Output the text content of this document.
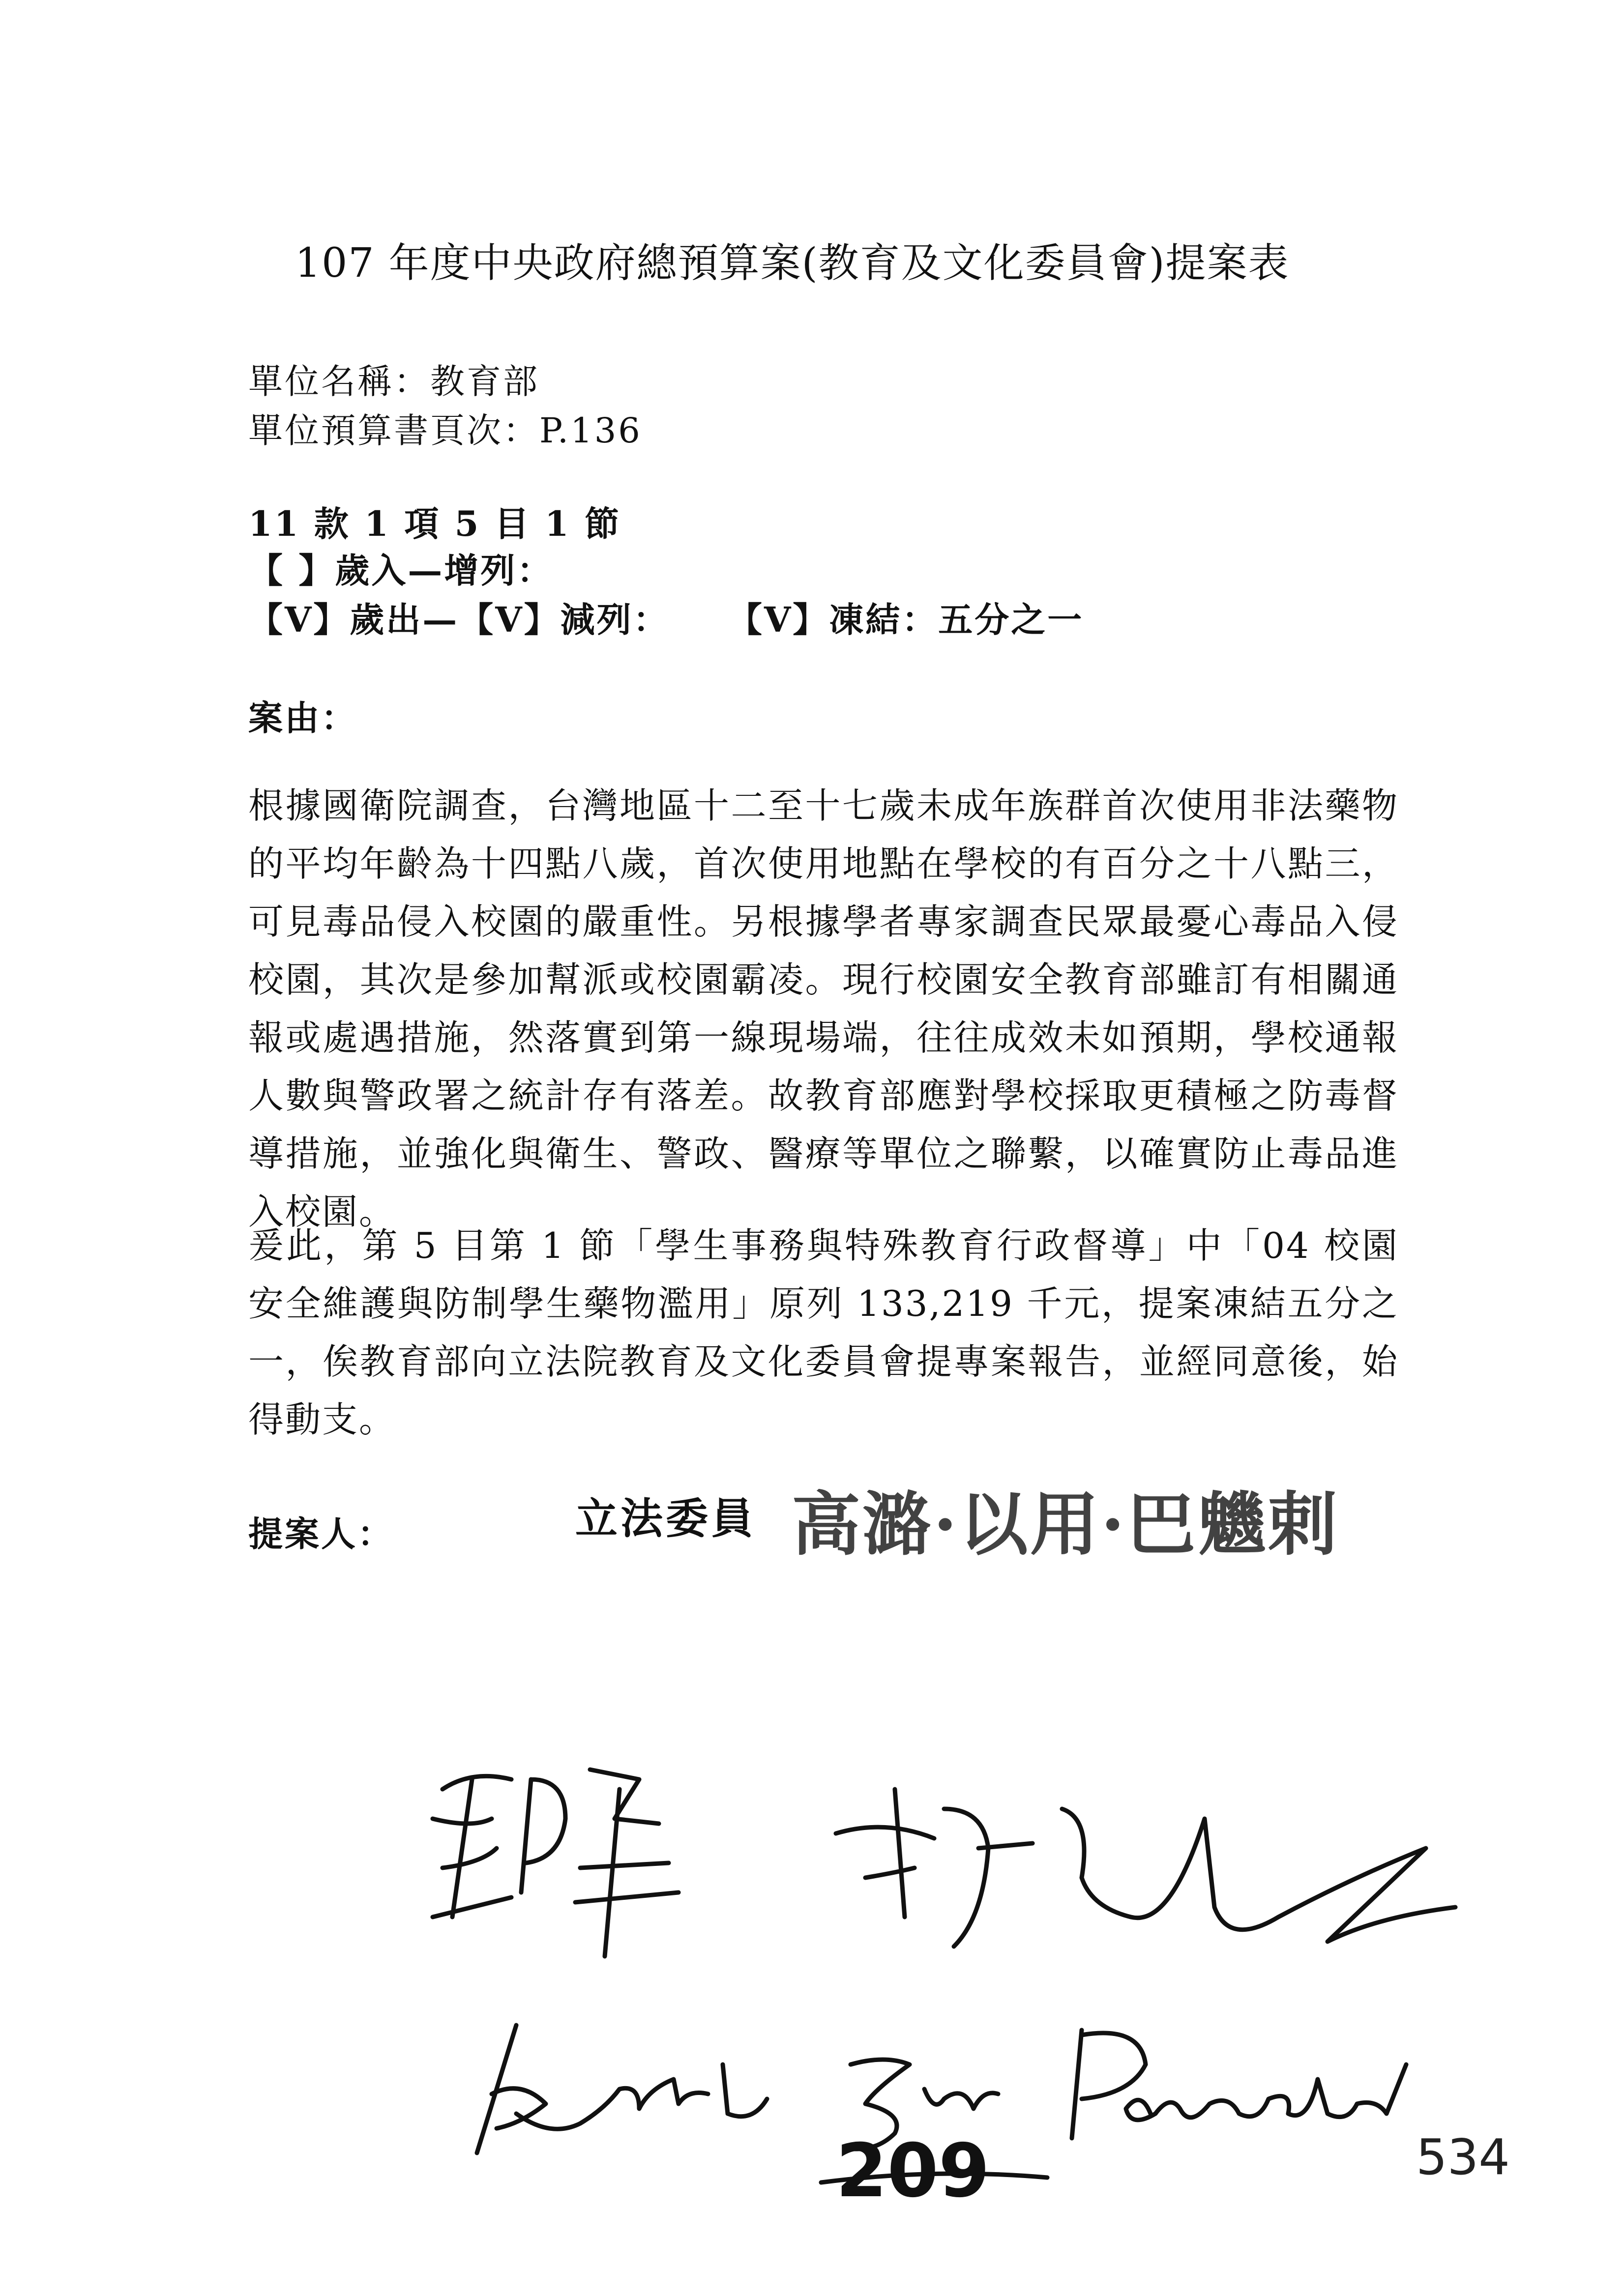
107 年度中央政府總預算案(教育及文化委員會)提案表
單位名稱：教育部
單位預算書頁次：P.136
11 款 1 項 5 目 1 節
【 】歲入—增列：
【V】歲出—【V】減列： 【V】凍結：五分之一
案由：
根據國衛院調查，台灣地區十二至十七歲未成年族群首次使用非法藥物的平均年齡為十四點八歲，首次使用地點在學校的有百分之十八點三，可見毒品侵入校園的嚴重性。另根據學者專家調查民眾最憂心毒品入侵校園，其次是參加幫派或校園霸凌。現行校園安全教育部雖訂有相關通報或處遇措施，然落實到第一線現場端，往往成效未如預期，學校通報人數與警政署之統計存有落差。故教育部應對學校採取更積極之防毒督導措施，並強化與衛生、警政、醫療等單位之聯繫，以確實防止毒品進入校園。
爰此，第 5 目第 1 節「學生事務與特殊教育行政督導」中「04 校園安全維護與防制學生藥物濫用」原列 133,219 千元，提案凍結五分之一，俟教育部向立法院教育及文化委員會提專案報告，並經同意後，始得動支。
提案人：	立法委員 高潞·以用·巴魕剌
209	534
